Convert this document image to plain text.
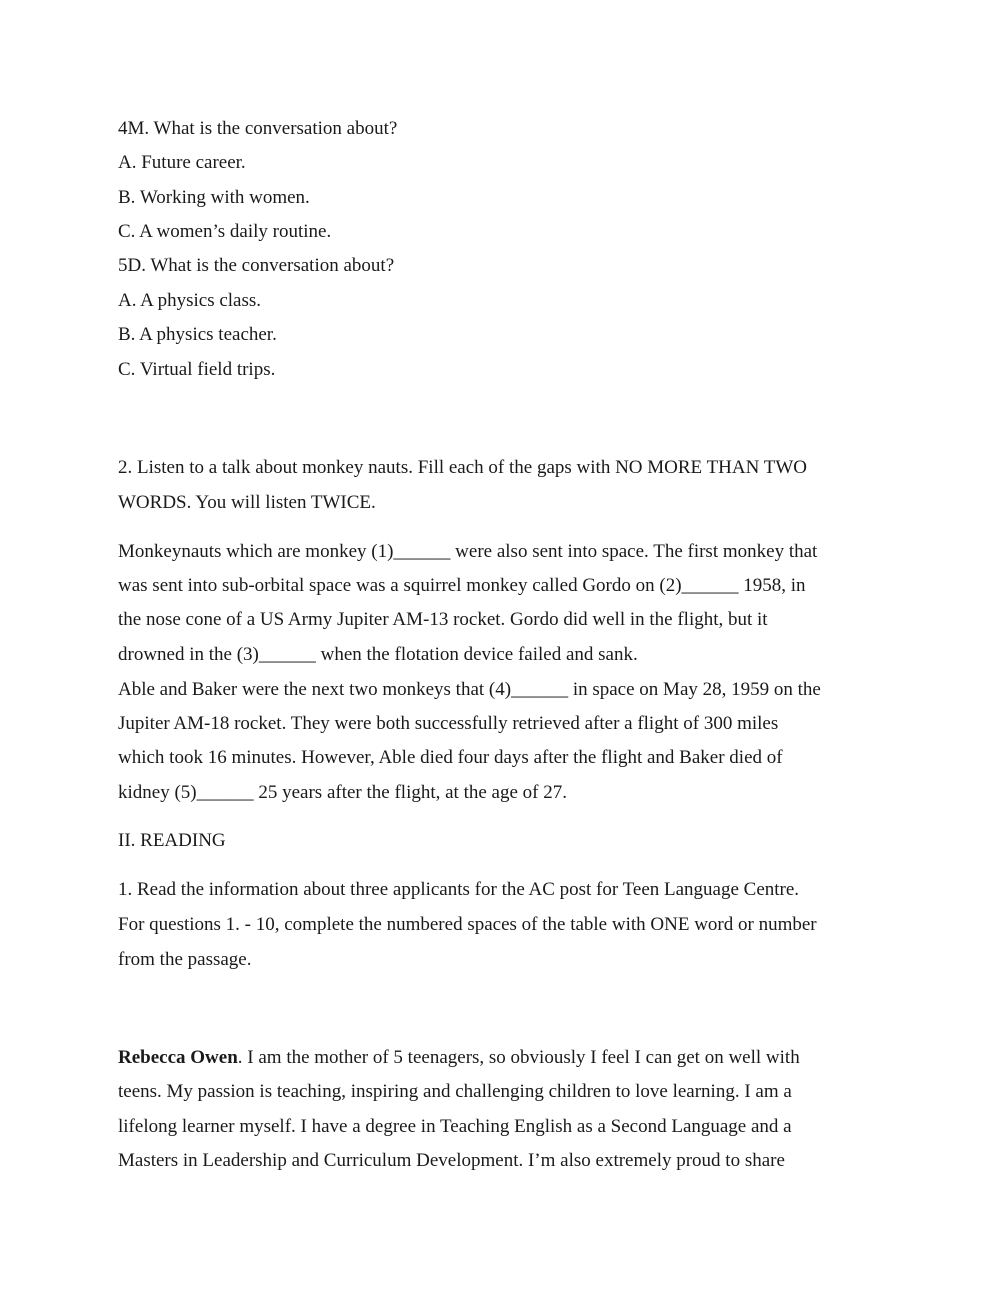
4M. What is the conversation about?
A. Future career.
B. Working with women.
C. A women’s daily routine.
5D. What is the conversation about?
A. A physics class.
B. A physics teacher.
C. Virtual field trips.
2. Listen to a talk about monkey nauts. Fill each of the gaps with NO MORE THAN TWO
WORDS. You will listen TWICE.
Monkeynauts which are monkey (1)______ were also sent into space. The first monkey that
was sent into sub-orbital space was a squirrel monkey called Gordo on (2)______ 1958, in
the nose cone of a US Army Jupiter AM-13 rocket. Gordo did well in the flight, but it
drowned in the (3)______ when the flotation device failed and sank.
Able and Baker were the next two monkeys that (4)______ in space on May 28, 1959 on the
Jupiter AM-18 rocket. They were both successfully retrieved after a flight of 300 miles
which took 16 minutes. However, Able died four days after the flight and Baker died of
kidney (5)______ 25 years after the flight, at the age of 27.
II. READING
1. Read the information about three applicants for the AC post for Teen Language Centre.
For questions 1. - 10, complete the numbered spaces of the table with ONE word or number
from the passage.
Rebecca Owen. I am the mother of 5 teenagers, so obviously I feel I can get on well with
teens. My passion is teaching, inspiring and challenging children to love learning. I am a
lifelong learner myself. I have a degree in Teaching English as a Second Language and a
Masters in Leadership and Curriculum Development. I’m also extremely proud to share
